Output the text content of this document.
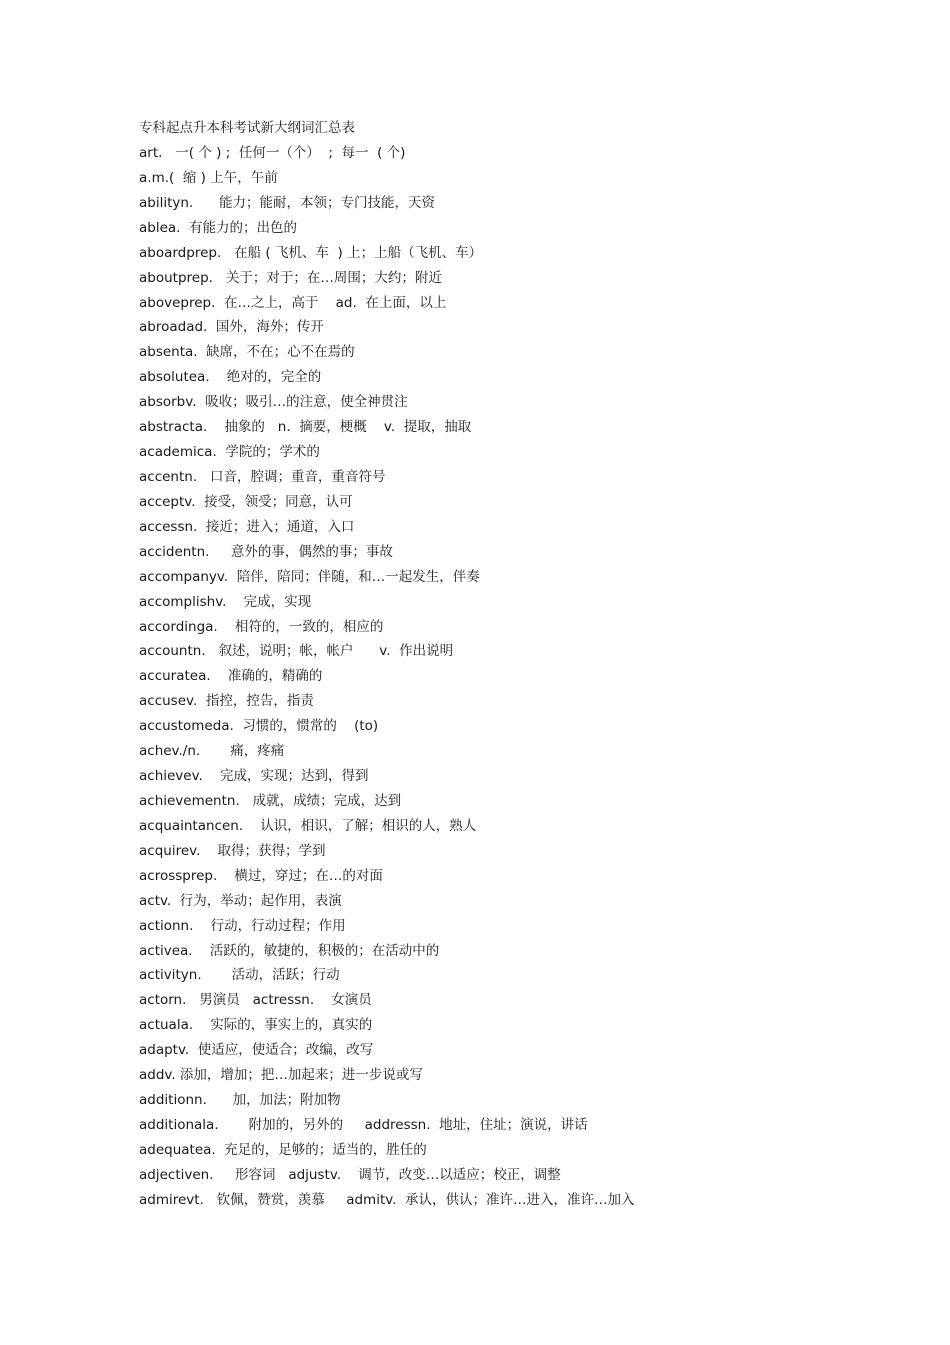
专科起点升本科考试新大纲词汇总表
art.   一( 个 ) ;  任何一（个）  ;  每一  ( 个)
a.m.(  缩 ) 上午，午前
abilityn.      能力；能耐，本领；专门技能，天资
ablea.  有能力的；出色的
aboardprep.   在船 ( 飞机、车  ) 上；上船（飞机、车）
aboutprep.   关于；对于；在…周围；大约；附近
aboveprep.  在…之上，高于    ad.  在上面，以上
abroadad.  国外，海外；传开
absenta.  缺席，不在；心不在焉的
absolutea.    绝对的，完全的
absorbv.  吸收；吸引…的注意，使全神贯注
abstracta.    抽象的   n.  摘要，梗概    v.  提取，抽取
academica.  学院的；学术的
accentn.   口音，腔调；重音，重音符号
acceptv.  接受，领受；同意，认可
accessn.  接近；进入；通道，入口
accidentn.     意外的事，偶然的事；事故
accompanyv.  陪伴，陪同；伴随，和…一起发生，伴奏
accomplishv.    完成，实现
accordinga.    相符的，一致的，相应的
accountn.   叙述，说明；帐，帐户      v.  作出说明
accuratea.    准确的，精确的
accusev.  指控，控告，指责
accustomeda.  习惯的，惯常的    (to)
achev./n.       痛，疼痛
achievev.    完成，实现；达到，得到
achievementn.   成就，成绩；完成，达到
acquaintancen.    认识，相识，了解；相识的人，熟人
acquirev.    取得；获得；学到
acrossprep.    横过，穿过；在…的对面
actv.  行为，举动；起作用，表演
actionn.    行动，行动过程；作用
activea.    活跃的，敏捷的，积极的；在活动中的
activityn.       活动，活跃；行动
actorn.   男演员   actressn.    女演员
actuala.    实际的，事实上的，真实的
adaptv.  使适应，使适合；改编，改写
addv. 添加，增加；把…加起来；进一步说或写
additionn.      加，加法；附加物
additionala.       附加的，另外的     addressn.  地址，住址；演说，讲话
adequatea.  充足的，足够的；适当的，胜任的
adjectiven.     形容词   adjustv.    调节，改变…以适应；校正，调整
admirevt.   钦佩，赞赏，羡慕     admitv.  承认，供认；准许…进入，准许…加入
